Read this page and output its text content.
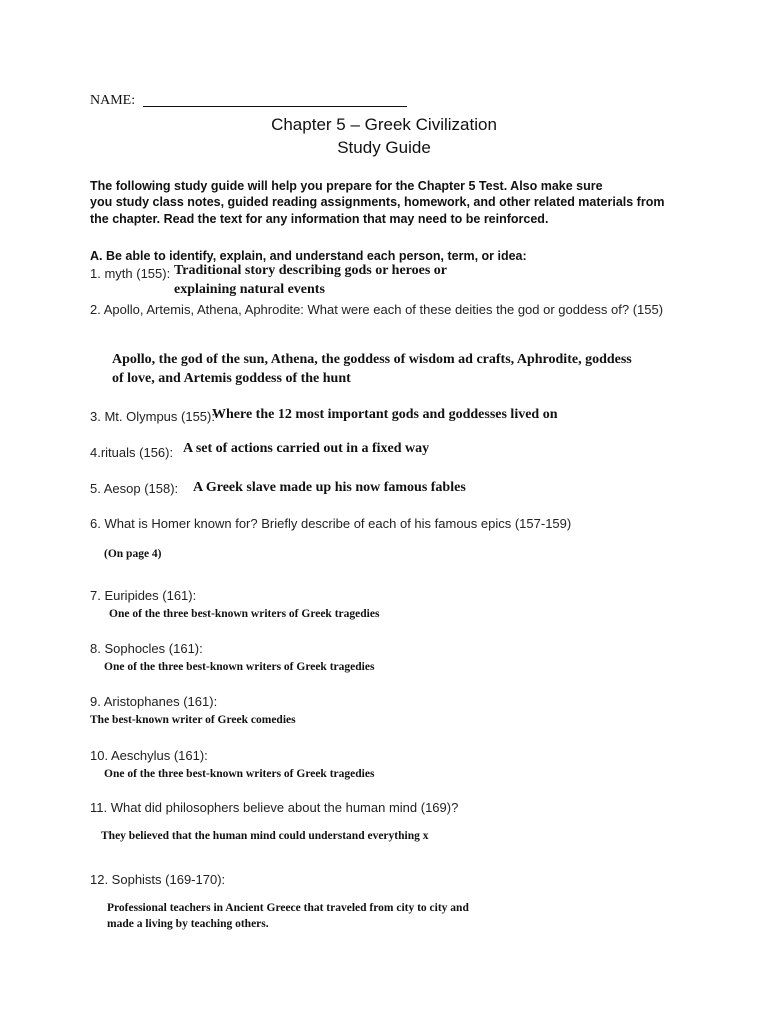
NAME:
Chapter 5 – Greek Civilization
Study Guide
The following study guide will help you prepare for the Chapter 5 Test. Also make sure
you study class notes, guided reading assignments, homework, and other related materials from
the chapter. Read the text for any information that may need to be reinforced.
A. Be able to identify, explain, and understand each person, term, or idea:
1. myth (155): Traditional story describing gods or heroes or
explaining natural events
2. Apollo, Artemis, Athena, Aphrodite: What were each of these deities the god or goddess of? (155)
Apollo, the god of the sun, Athena, the goddess of wisdom ad crafts, Aphrodite, goddess
of love, and Artemis goddess of the hunt
3. Mt. Olympus (155):
Where the 12 most important gods and goddesses lived on
4.rituals (156): A set of actions carried out in a fixed way
5. Aesop (158): A Greek slave made up his now famous fables
6. What is Homer known for? Briefly describe of each of his famous epics (157-159)
(On page 4)
7. Euripides (161):
One of the three best-known writers of Greek tragedies
8. Sophocles (161):
One of the three best-known writers of Greek tragedies
9. Aristophanes (161):
The best-known writer of Greek comedies
10. Aeschylus (161):
One of the three best-known writers of Greek tragedies
11. What did philosophers believe about the human mind (169)?
They believed that the human mind could understand everything x
12. Sophists (169-170):
Professional teachers in Ancient Greece that traveled from city to city and
made a living by teaching others.
